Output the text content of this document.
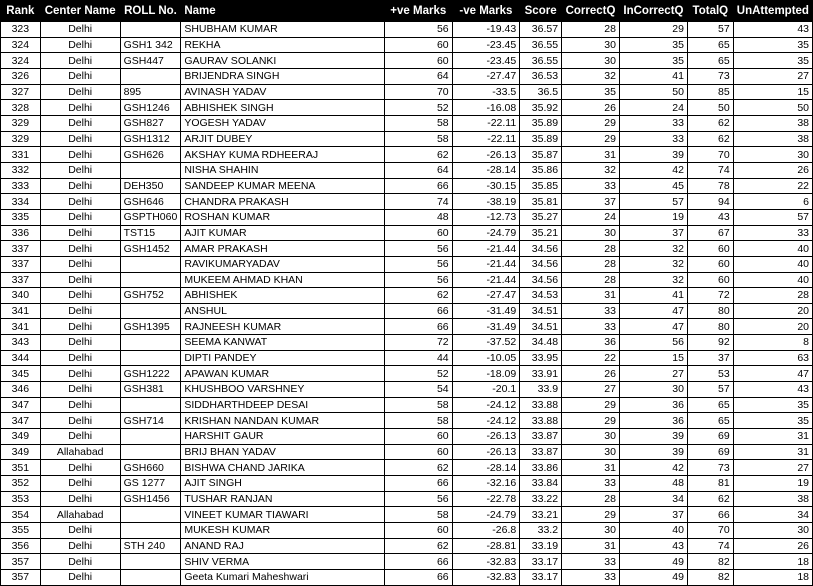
Rank	Center Name	ROLL No.	Name	+ve Marks	-ve Marks	Score	CorrectQ	InCorrectQ	TotalQ	UnAttempted
323	Delhi		SHUBHAM KUMAR	56	-19.43	36.57	28	29	57	43
324	Delhi	GSH1 342	REKHA	60	-23.45	36.55	30	35	65	35
324	Delhi	GSH447	GAURAV SOLANKI	60	-23.45	36.55	30	35	65	35
326	Delhi		BRIJENDRA SINGH	64	-27.47	36.53	32	41	73	27
327	Delhi	895	AVINASH YADAV	70	-33.5	36.5	35	50	85	15
328	Delhi	GSH1246	ABHISHEK SINGH	52	-16.08	35.92	26	24	50	50
329	Delhi	GSH827	YOGESH YADAV	58	-22.11	35.89	29	33	62	38
329	Delhi	GSH1312	ARJIT DUBEY	58	-22.11	35.89	29	33	62	38
331	Delhi	GSH626	AKSHAY KUMA RDHEERAJ	62	-26.13	35.87	31	39	70	30
332	Delhi		NISHA SHAHIN	64	-28.14	35.86	32	42	74	26
333	Delhi	DEH350	SANDEEP KUMAR MEENA	66	-30.15	35.85	33	45	78	22
334	Delhi	GSH646	CHANDRA PRAKASH	74	-38.19	35.81	37	57	94	6
335	Delhi	GSPTH060	ROSHAN KUMAR	48	-12.73	35.27	24	19	43	57
336	Delhi	TST15	AJIT KUMAR	60	-24.79	35.21	30	37	67	33
337	Delhi	GSH1452	AMAR PRAKASH	56	-21.44	34.56	28	32	60	40
337	Delhi		RAVIKUMARYADAV	56	-21.44	34.56	28	32	60	40
337	Delhi		MUKEEM AHMAD KHAN	56	-21.44	34.56	28	32	60	40
340	Delhi	GSH752	ABHISHEK	62	-27.47	34.53	31	41	72	28
341	Delhi		ANSHUL	66	-31.49	34.51	33	47	80	20
341	Delhi	GSH1395	RAJNEESH KUMAR	66	-31.49	34.51	33	47	80	20
343	Delhi		SEEMA KANWAT	72	-37.52	34.48	36	56	92	8
344	Delhi		DIPTI PANDEY	44	-10.05	33.95	22	15	37	63
345	Delhi	GSH1222	APAWAN KUMAR	52	-18.09	33.91	26	27	53	47
346	Delhi	GSH381	KHUSHBOO VARSHNEY	54	-20.1	33.9	27	30	57	43
347	Delhi		SIDDHARTHDEEP DESAI	58	-24.12	33.88	29	36	65	35
347	Delhi	GSH714	KRISHAN NANDAN KUMAR	58	-24.12	33.88	29	36	65	35
349	Delhi		HARSHIT GAUR	60	-26.13	33.87	30	39	69	31
349	Allahabad		BRIJ BHAN YADAV	60	-26.13	33.87	30	39	69	31
351	Delhi	GSH660	BISHWA CHAND JARIKA	62	-28.14	33.86	31	42	73	27
352	Delhi	GS 1277	AJIT SINGH	66	-32.16	33.84	33	48	81	19
353	Delhi	GSH1456	TUSHAR RANJAN	56	-22.78	33.22	28	34	62	38
354	Allahabad		VINEET KUMAR TIAWARI	58	-24.79	33.21	29	37	66	34
355	Delhi		MUKESH KUMAR	60	-26.8	33.2	30	40	70	30
356	Delhi	STH 240	ANAND RAJ	62	-28.81	33.19	31	43	74	26
357	Delhi		SHIV VERMA	66	-32.83	33.17	33	49	82	18
357	Delhi		Geeta Kumari Maheshwari	66	-32.83	33.17	33	49	82	18
